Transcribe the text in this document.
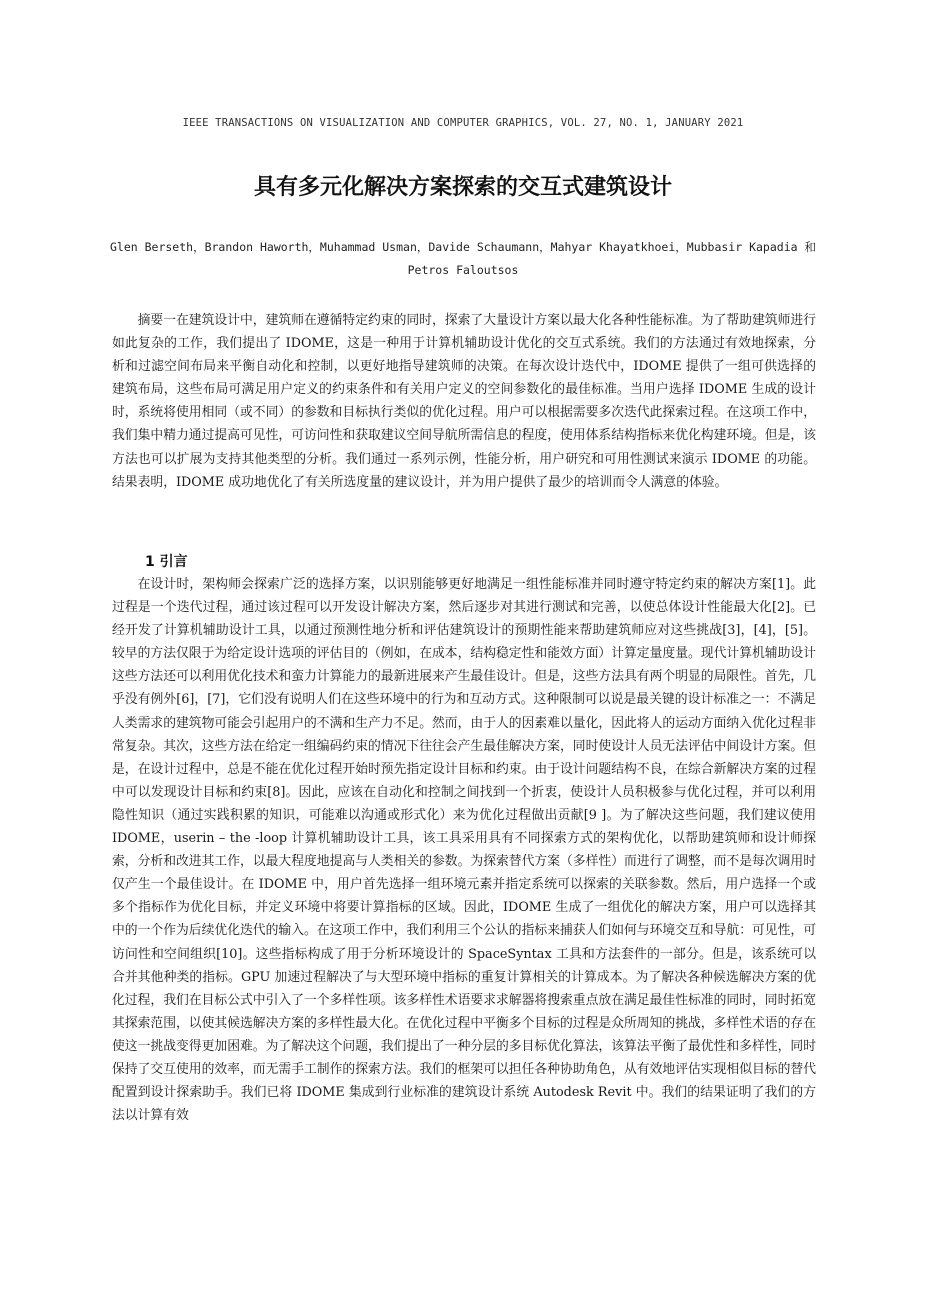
IEEE TRANSACTIONS ON VISUALIZATION AND COMPUTER GRAPHICS, VOL. 27, NO. 1, JANUARY 2021
具有多元化解决方案探索的交互式建筑设计
Glen Berseth，Brandon Haworth，Muhammad Usman，Davide Schaumann，Mahyar Khayatkhoei，Mubbasir Kapadia 和 Petros Faloutsos

摘要一在建筑设计中，建筑师在遵循特定约束的同时，探索了大量设计方案以最大化各种性能标准。为了帮助建筑师进行如此复杂的工作，我们提出了 IDOME，这是一种用于计算机辅助设计优化的交互式系统。我们的方法通过有效地探索，分析和过滤空间布局来平衡自动化和控制，以更好地指导建筑师的决策。在每次设计迭代中，IDOME 提供了一组可供选择的建筑布局，这些布局可满足用户定义的约束条件和有关用户定义的空间参数化的最佳标准。当用户选择 IDOME 生成的设计时，系统将使用相同（或不同）的参数和目标执行类似的优化过程。用户可以根据需要多次迭代此探索过程。在这项工作中，我们集中精力通过提高可见性，可访问性和获取建议空间导航所需信息的程度，使用体系结构指标来优化构建环境。但是，该方法也可以扩展为支持其他类型的分析。我们通过一系列示例，性能分析，用户研究和可用性测试来演示 IDOME 的功能。结果表明，IDOME 成功地优化了有关所选度量的建议设计，并为用户提供了最少的培训而令人满意的体验。

1 引言

在设计时，架构师会探索广泛的选择方案，以识别能够更好地满足一组性能标准并同时遵守特定约束的解决方案[1]。此过程是一个迭代过程，通过该过程可以开发设计解决方案，然后逐步对其进行测试和完善，以使总体设计性能最大化[2]。已经开发了计算机辅助设计工具，以通过预测性地分析和评估建筑设计的预期性能来帮助建筑师应对这些挑战[3]，[4]，[5]。较早的方法仅限于为给定设计选项的评估目的（例如，在成本，结构稳定性和能效方面）计算定量度量。现代计算机辅助设计这些方法还可以利用优化技术和蛮力计算能力的最新进展来产生最佳设计。但是，这些方法具有两个明显的局限性。首先，几乎没有例外[6]，[7]，它们没有说明人们在这些环境中的行为和互动方式。这种限制可以说是最关键的设计标准之一：不满足人类需求的建筑物可能会引起用户的不满和生产力不足。然而，由于人的因素难以量化，因此将人的运动方面纳入优化过程非常复杂。其次，这些方法在给定一组编码约束的情况下往往会产生最佳解决方案，同时使设计人员无法评估中间设计方案。但是，在设计过程中，总是不能在优化过程开始时预先指定设计目标和约束。由于设计问题结构不良，在综合新解决方案的过程中可以发现设计目标和约束[8]。因此，应该在自动化和控制之间找到一个折衷，使设计人员积极参与优化过程，并可以利用隐性知识（通过实践积累的知识，可能难以沟通或形式化）来为优化过程做出贡献[9 ]。为了解决这些问题，我们建议使用 IDOME，userin – the -loop 计算机辅助设计工具，该工具采用具有不同探索方式的架构优化，以帮助建筑师和设计师探索，分析和改进其工作，以最大程度地提高与人类相关的参数。为探索替代方案（多样性）而进行了调整，而不是每次调用时仅产生一个最佳设计。在 IDOME 中，用户首先选择一组环境元素并指定系统可以探索的关联参数。然后，用户选择一个或多个指标作为优化目标，并定义环境中将要计算指标的区域。因此，IDOME 生成了一组优化的解决方案，用户可以选择其中的一个作为后续优化迭代的输入。在这项工作中，我们利用三个公认的指标来捕获人们如何与环境交互和导航：可见性，可访问性和空间组织[10]。这些指标构成了用于分析环境设计的 SpaceSyntax 工具和方法套件的一部分。但是，该系统可以合并其他种类的指标。GPU 加速过程解决了与大型环境中指标的重复计算相关的计算成本。为了解决各种候选解决方案的优化过程，我们在目标公式中引入了一个多样性项。该多样性术语要求求解器将搜索重点放在满足最佳性标准的同时，同时拓宽其探索范围，以使其候选解决方案的多样性最大化。在优化过程中平衡多个目标的过程是众所周知的挑战，多样性术语的存在使这一挑战变得更加困难。为了解决这个问题，我们提出了一种分层的多目标优化算法，该算法平衡了最优性和多样性，同时保持了交互使用的效率，而无需手工制作的探索方法。我们的框架可以担任各种协助角色，从有效地评估实现相似目标的替代配置到设计探索助手。我们已将 IDOME 集成到行业标准的建筑设计系统 Autodesk Revit 中。我们的结果证明了我们的方法以计算有效
